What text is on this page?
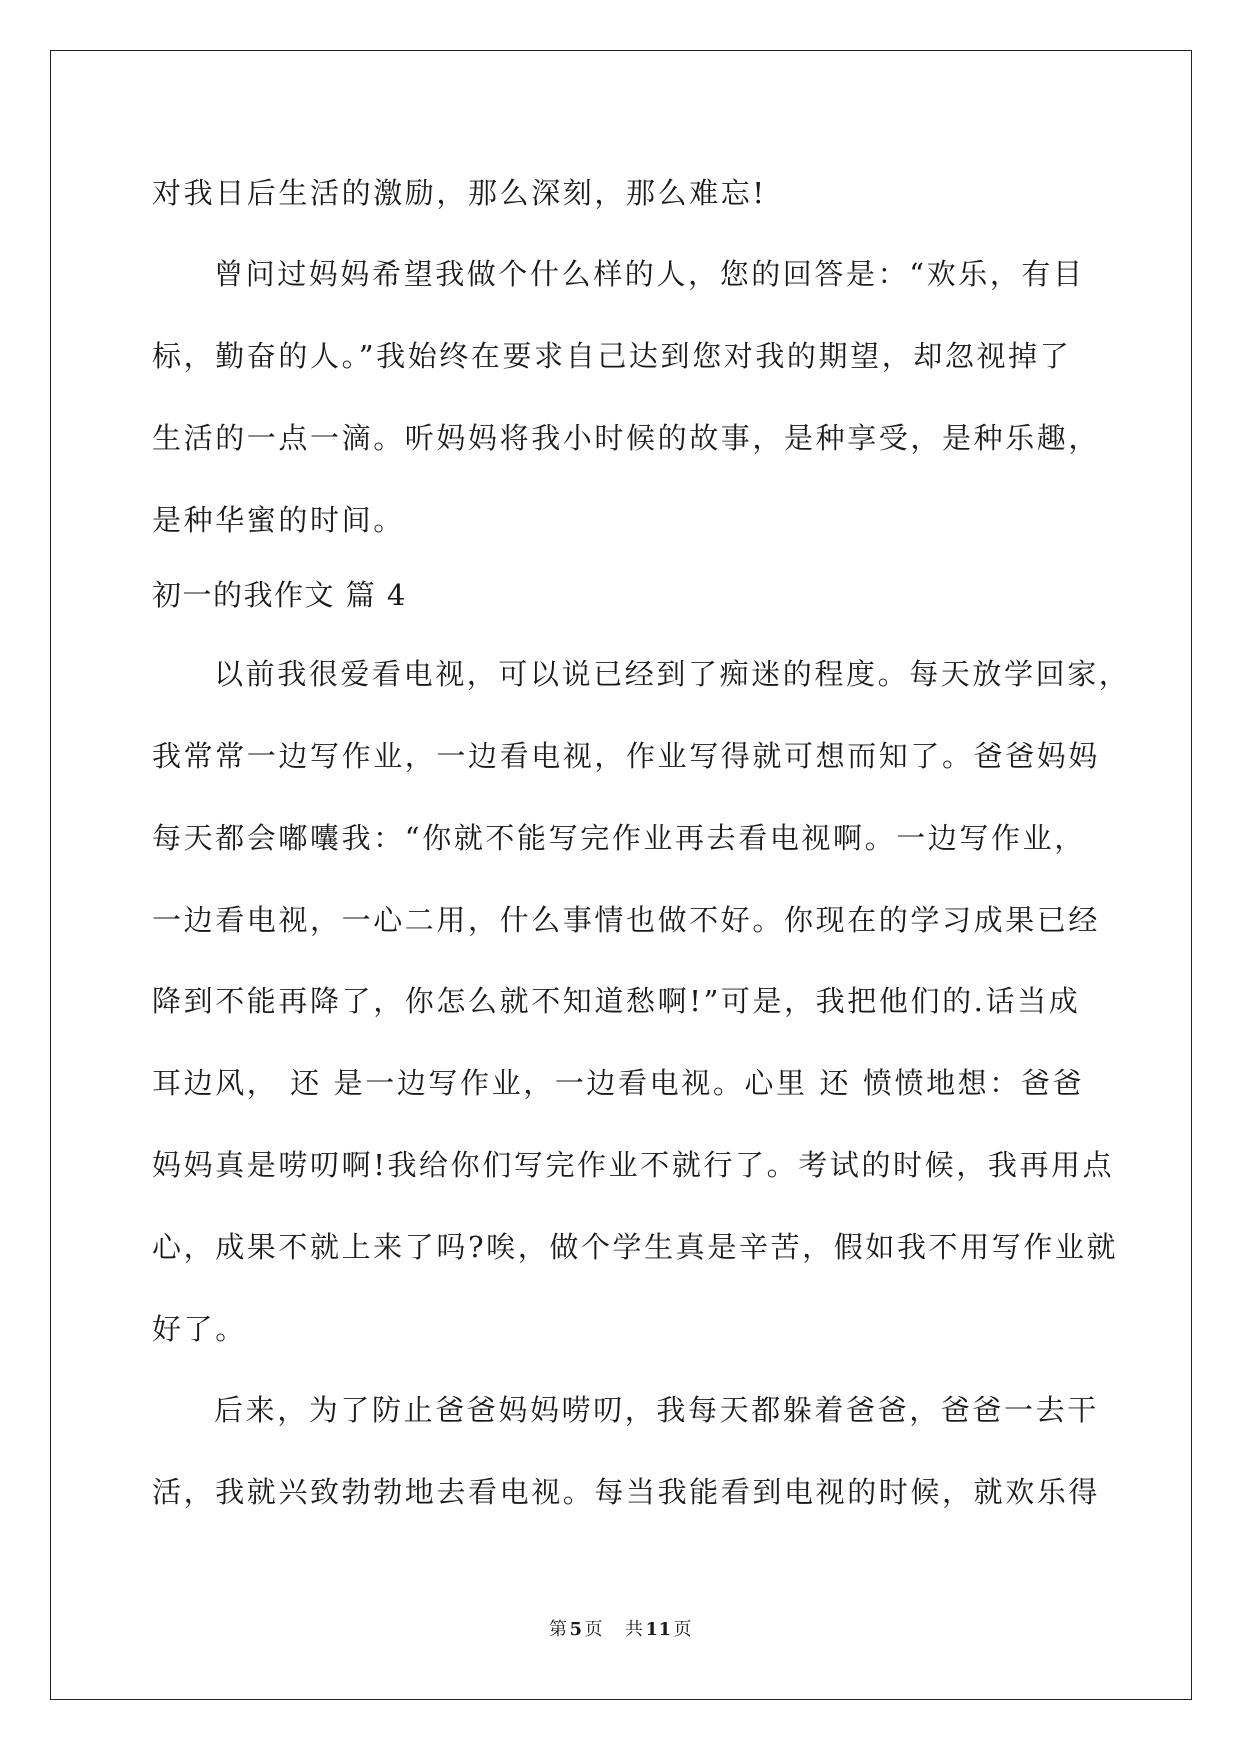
对我日后生活的激励，那么深刻，那么难忘!
曾问过妈妈希望我做个什么样的人，您的回答是：“欢乐，有目
标，勤奋的人。”我始终在要求自己达到您对我的期望，却忽视掉了
生活的一点一滴。听妈妈将我小时候的故事，是种享受，是种乐趣，
是种华蜜的时间。
初一的我作文 篇 4
以前我很爱看电视，可以说已经到了痴迷的程度。每天放学回家，
我常常一边写作业，一边看电视，作业写得就可想而知了。爸爸妈妈
每天都会嘟囔我：“你就不能写完作业再去看电视啊。一边写作业，
一边看电视，一心二用，什么事情也做不好。你现在的学习成果已经
降到不能再降了，你怎么就不知道愁啊!”可是，我把他们的.话当成
耳边风， 还 是一边写作业，一边看电视。心里 还 愤愤地想：爸爸
妈妈真是唠叨啊!我给你们写完作业不就行了。考试的时候，我再用点
心，成果不就上来了吗?唉，做个学生真是辛苦，假如我不用写作业就
好了。
后来，为了防止爸爸妈妈唠叨，我每天都躲着爸爸，爸爸一去干
活，我就兴致勃勃地去看电视。每当我能看到电视的时候，就欢乐得
第 5 页 共 11 页
